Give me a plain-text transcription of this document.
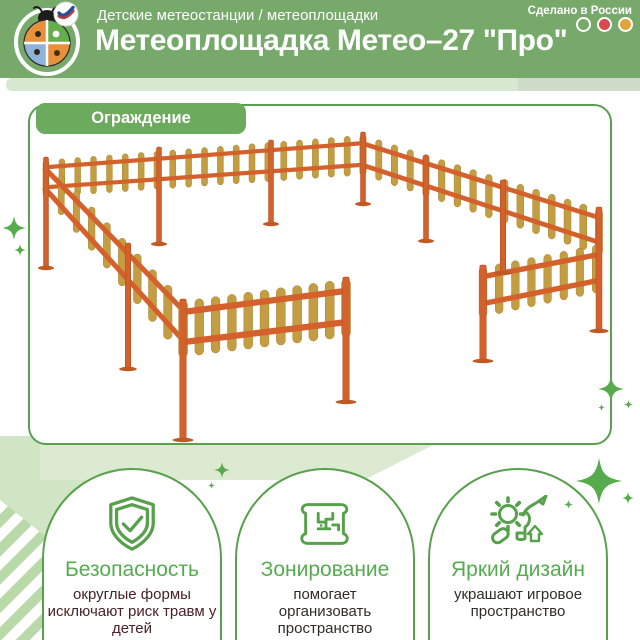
Детские метеостанции / метеоплощадки
Метеоплощадка Метео–27 "Про"
Сделано в России
Ограждение
Безопасность
округлые формы исключают риск травм у детей
Зонирование
помогает организовать пространство
Яркий дизайн
украшают игровое пространство
